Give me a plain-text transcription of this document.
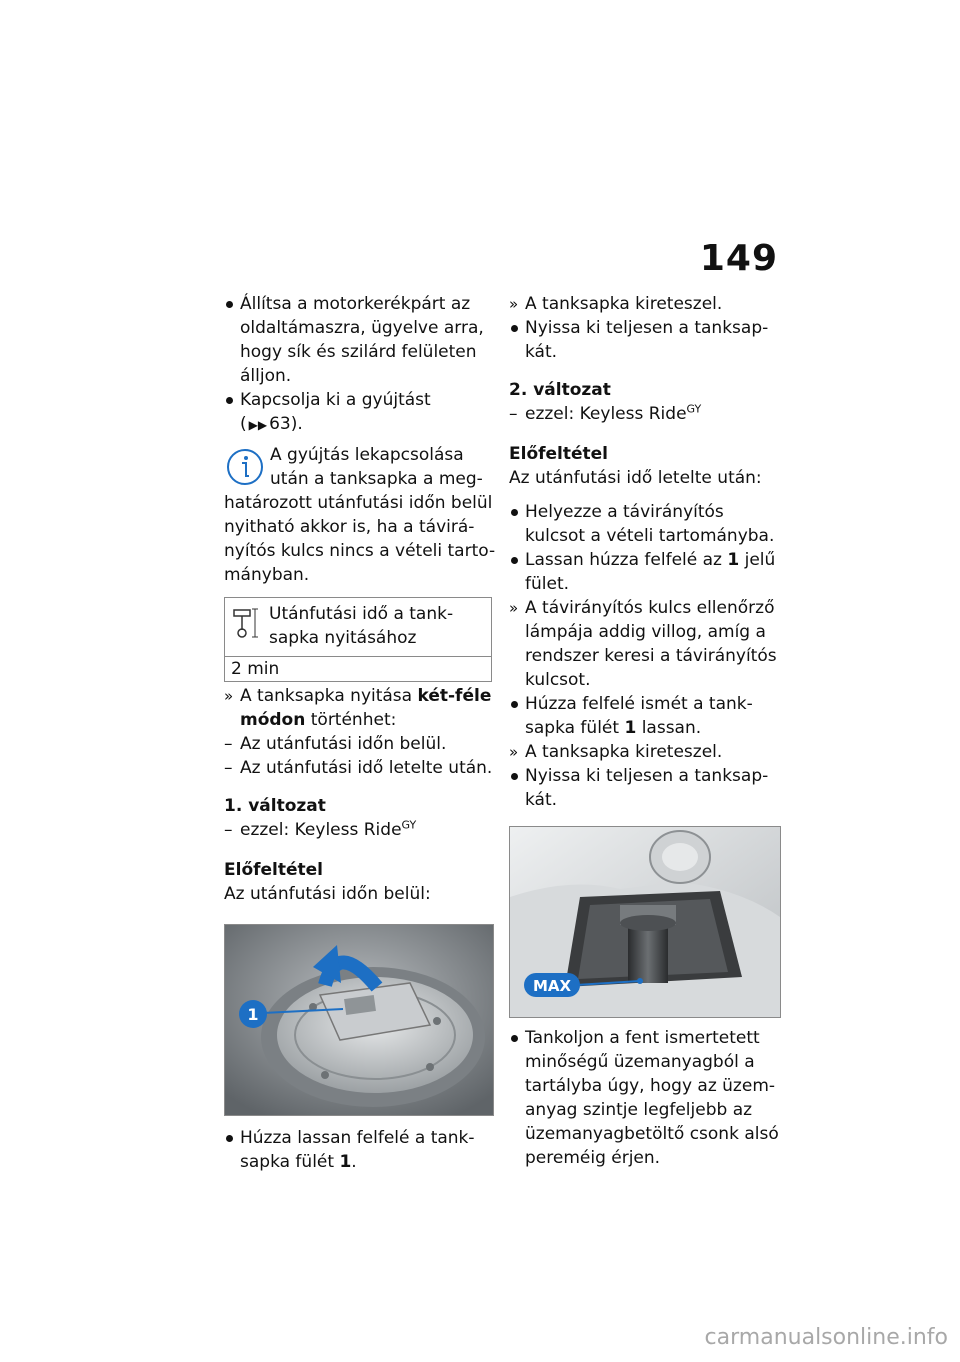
149
Állítsa a motorkerékpárt az oldaltámaszra, ügyelve arra, hogy sík és szilárd felületen álljon.
Kapcsolja ki a gyújtást
( ▶▶ 63).
A gyújtás lekapcsolása után a tanksapka a meg-határozott utánfutási időn belül nyitható akkor is, ha a távirá-nyítós kulcs nincs a vételi tarto-mányban.
Utánfutási idő a tank-sapka nyitásához
2 min
A tanksapka nyitása két-féle módon történhet:
Az utánfutási időn belül.
Az utánfutási idő letelte után.
1. változat
ezzel: Keyless Ride$^{GY}$
Előfeltétel
Az utánfutási időn belül:
1
Húzza lassan felfelé a tank-sapka fülét 1.
A tanksapka kireteszel.
Nyissa ki teljesen a tanksap-kát.
2. változat
ezzel: Keyless Ride$^{GY}$
Előfeltétel
Az utánfutási idő letelte után:
Helyezze a távirányítós kulcsot a vételi tartományba.
Lassan húzza felfelé az 1 jelű fület.
A távirányítós kulcs ellenőrző lámpája addig villog, amíg a rendszer keresi a távirányítós kulcsot.
Húzza felfelé ismét a tank-sapka fülét 1 lassan.
A tanksapka kireteszel.
Nyissa ki teljesen a tanksap-kát.
MAX
Tankoljon a fent ismertetett minőségű üzemanyagból a tartályba úgy, hogy az üzem-anyag szintje legfeljebb az üzemanyagbetöltő csonk alsó pereméig érjen.
carmanualsonline.info
